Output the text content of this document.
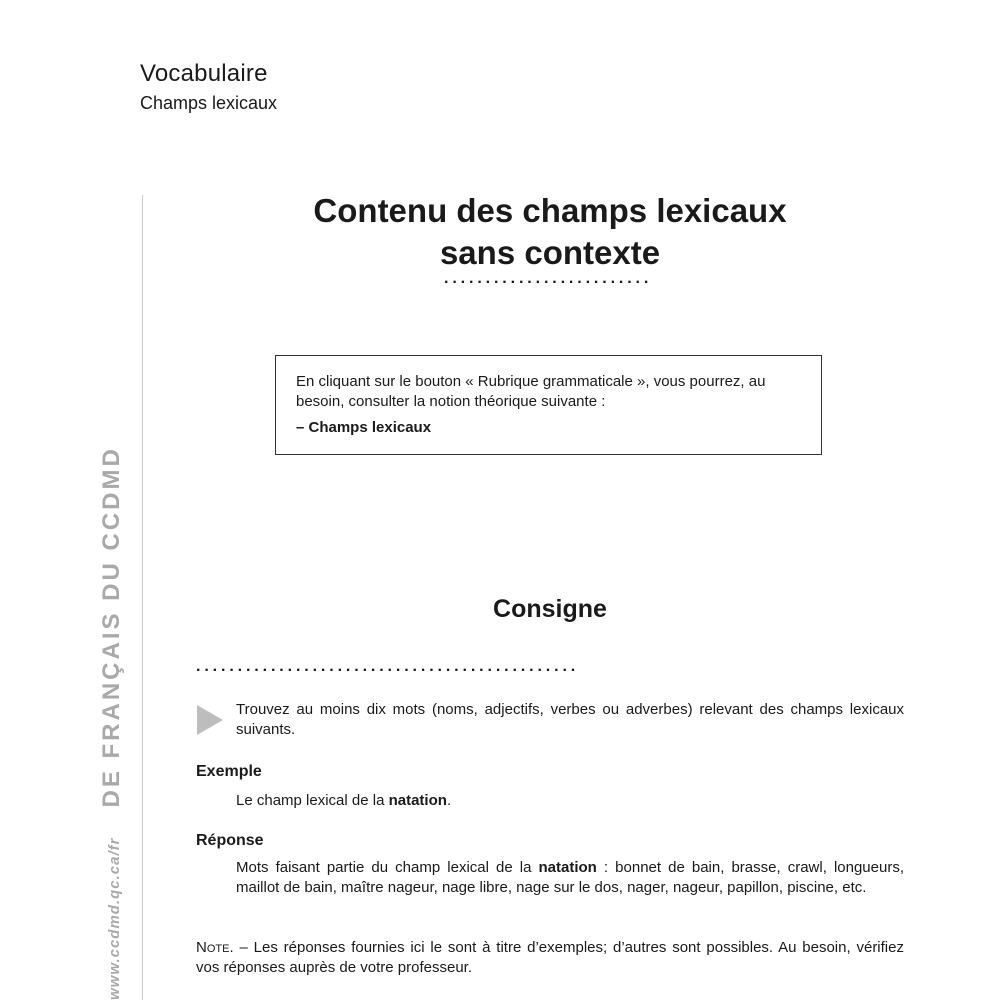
Vocabulaire
Champs lexicaux
www.ccdmd.qc.ca/fr
DE FRANÇAIS DU CCDMD
Contenu des champs lexicaux
sans contexte
·························
En cliquant sur le bouton « Rubrique grammaticale », vous pourrez, au besoin, consulter la notion théorique suivante :
– Champs lexicaux
Consigne
··············································
Trouvez au moins dix mots (noms, adjectifs, verbes ou adverbes) relevant des champs lexicaux suivants.
Exemple
Le champ lexical de la natation.
Réponse
Mots faisant partie du champ lexical de la natation : bonnet de bain, brasse, crawl, longueurs, maillot de bain, maître nageur, nage libre, nage sur le dos, nager, nageur, papillon, piscine, etc.
Note. – Les réponses fournies ici le sont à titre d’exemples; d’autres sont possibles. Au besoin, vérifiez vos réponses auprès de votre professeur.
